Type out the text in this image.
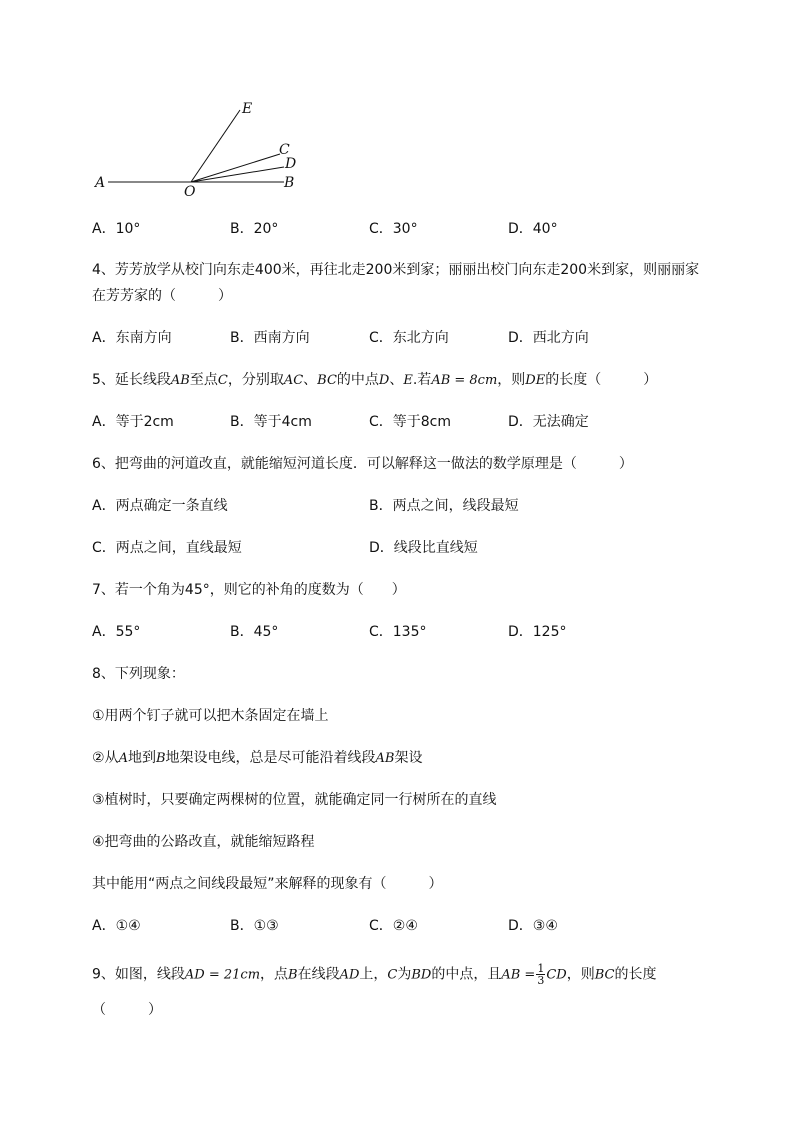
A
O
B
C
D
E
A．10°	B．20°	C．30°	D．40°
4、芳芳放学从校门向东走400米，再往北走200米到家；丽丽出校门向东走200米到家，则丽丽家
在芳芳家的（　　　）
A．东南方向	B．西南方向	C．东北方向	D．西北方向
5、延长线段AB至点C，分别取AC、BC的中点D、E.若AB = 8cm，则DE的长度（　　　）
A．等于2cm	B．等于4cm	C．等于8cm	D．无法确定
6、把弯曲的河道改直，就能缩短河道长度．可以解释这一做法的数学原理是（　　　）
A．两点确定一条直线	B．两点之间，线段最短
C．两点之间，直线最短	D．线段比直线短
7、若一个角为45°，则它的补角的度数为（　　）
A．55°	B．45°	C．135°	D．125°
8、下列现象：
①用两个钉子就可以把木条固定在墙上
②从A地到B地架设电线，总是尽可能沿着线段AB架设
③植树时，只要确定两棵树的位置，就能确定同一行树所在的直线
④把弯曲的公路改直，就能缩短路程
其中能用“两点之间线段最短”来解释的现象有（　　　）
A．①④	B．①③	C．②④	D．③④
9、如图，线段AD = 21cm，点B在线段AD上，C为BD的中点，且AB = $\frac{1}{3}$ CD，则BC的长度
（　　　）
